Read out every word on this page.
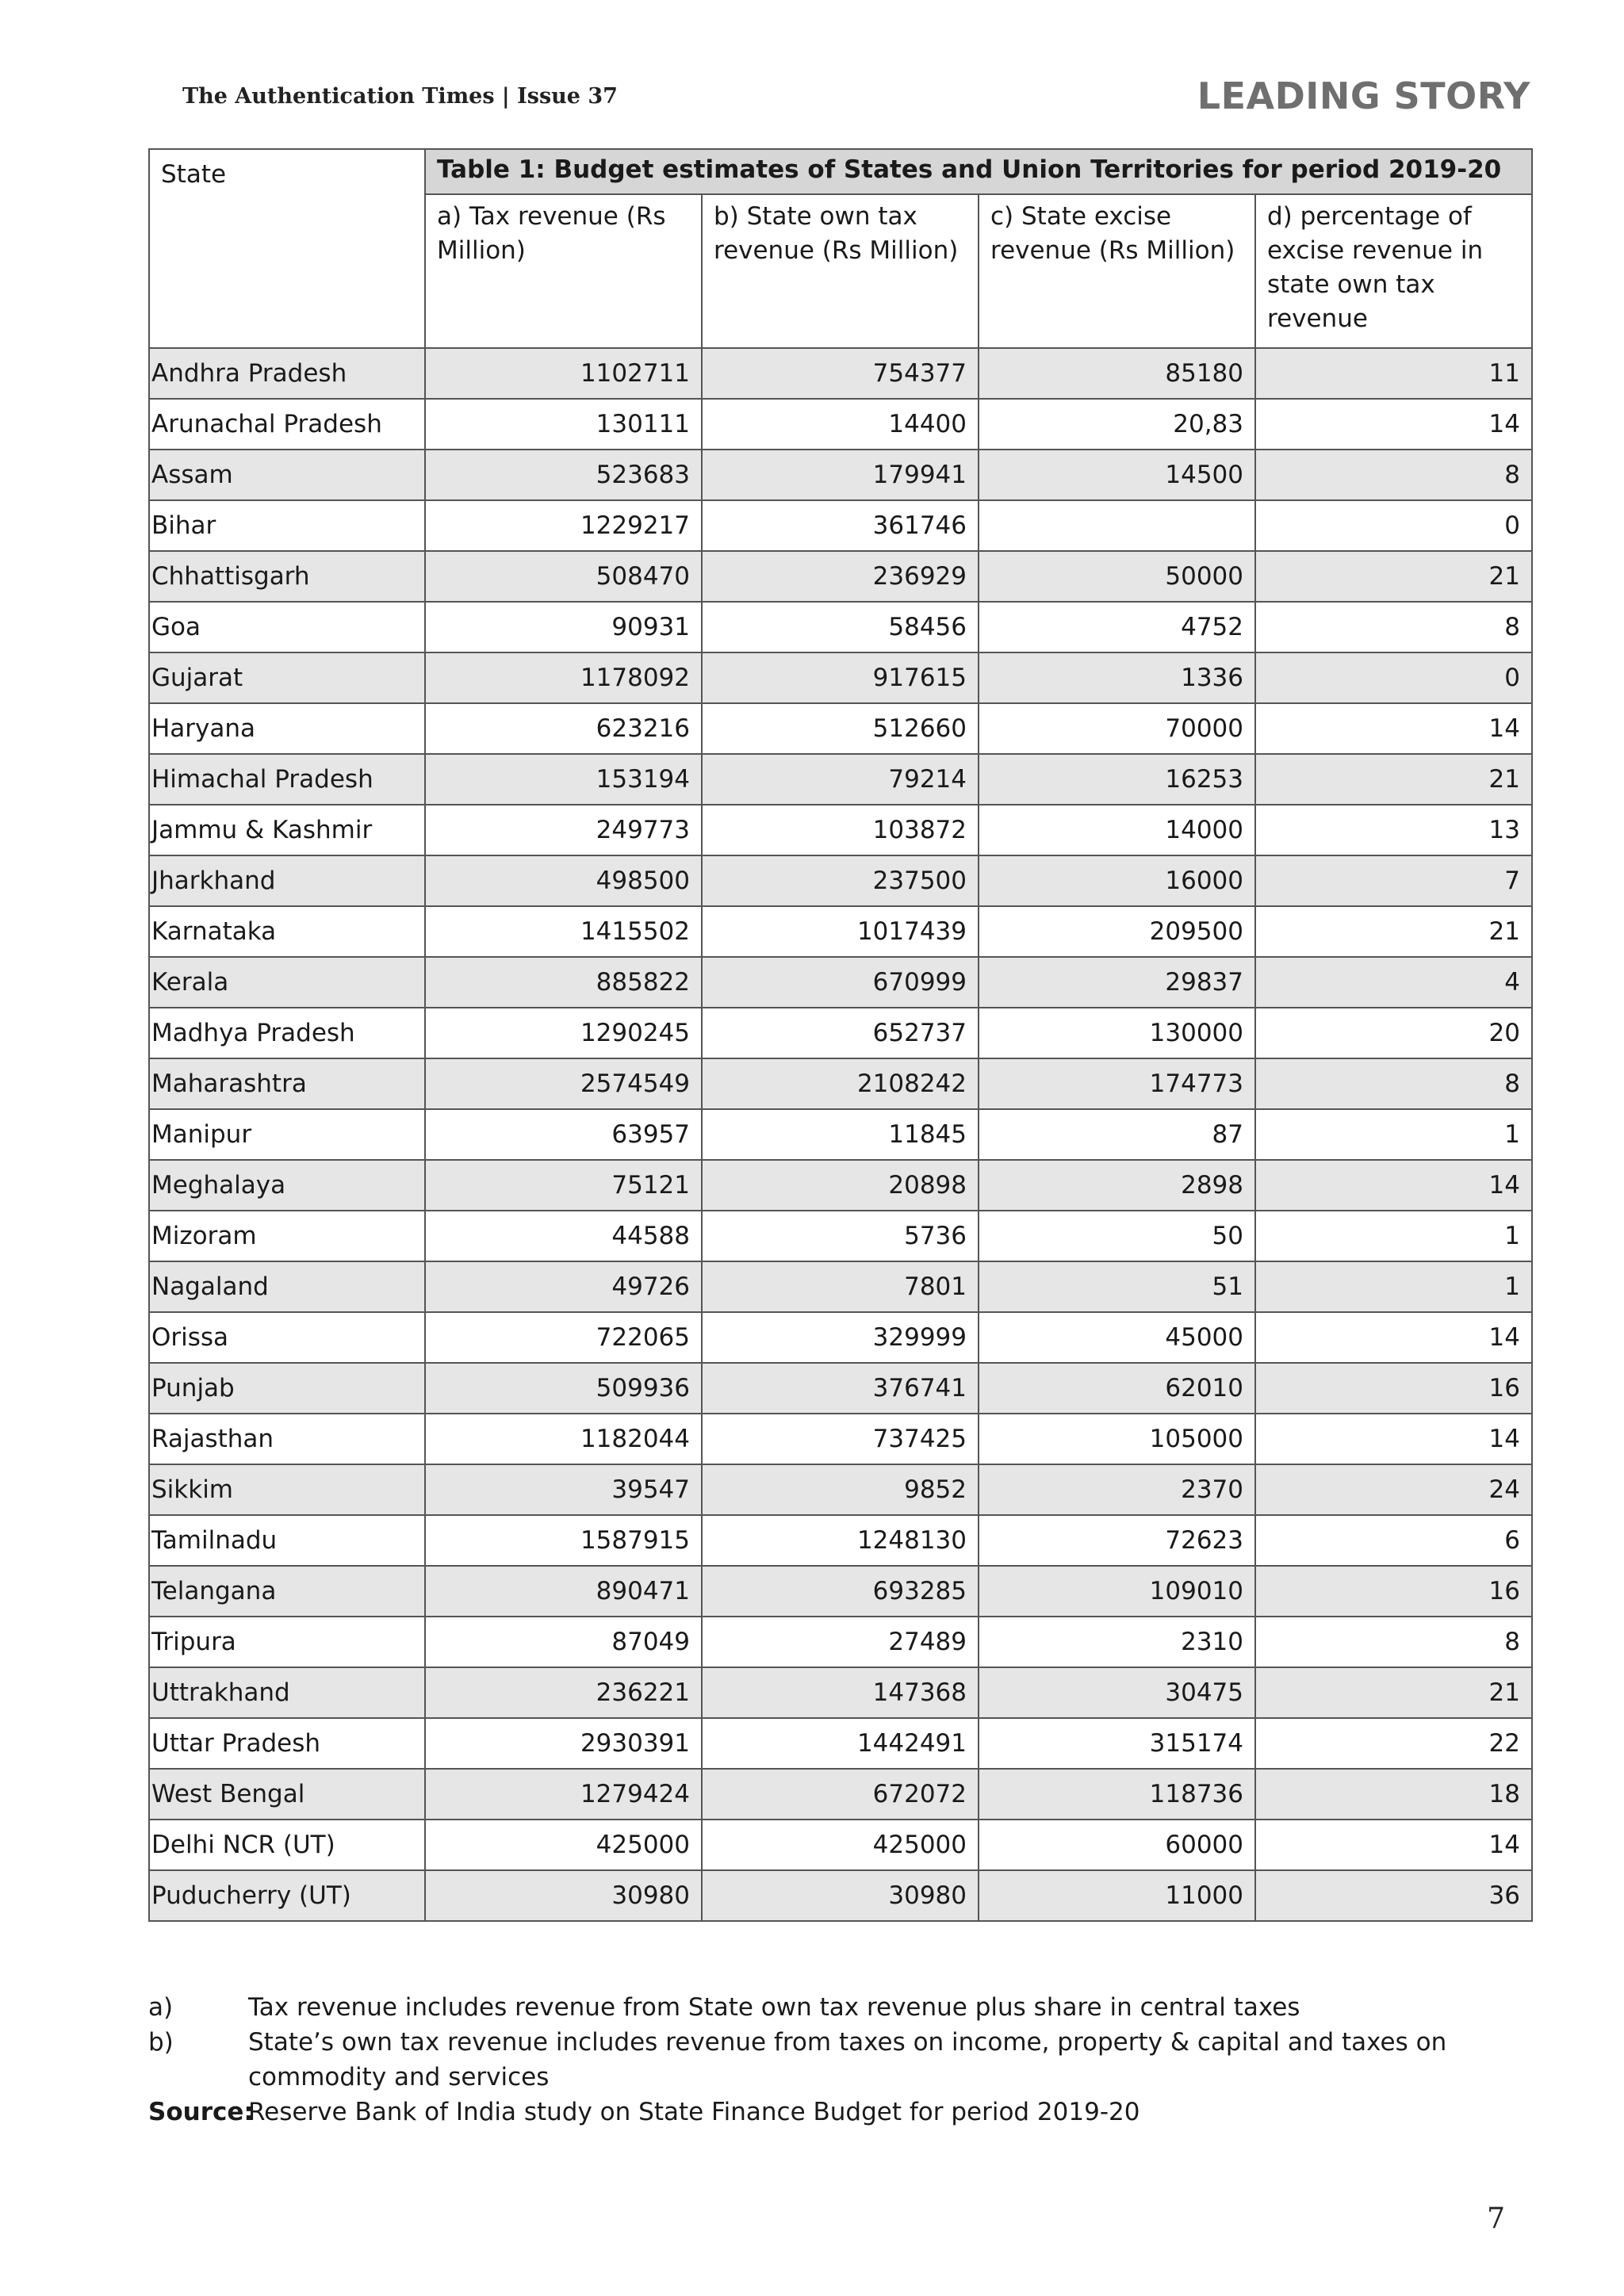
The Authentication Times | Issue 37	LEADING STORY
State	Table 1: Budget estimates of States and Union Territories for period 2019-20			
	a) Tax revenue (Rs Million)	b) State own tax revenue (Rs Million)	c) State excise revenue (Rs Million)	d) percentage of excise revenue in state own tax revenue
Andhra Pradesh	1102711	754377	85180	11
Arunachal Pradesh	130111	14400	20,83	14
Assam	523683	179941	14500	8
Bihar	1229217	361746		0
Chhattisgarh	508470	236929	50000	21
Goa	90931	58456	4752	8
Gujarat	1178092	917615	1336	0
Haryana	623216	512660	70000	14
Himachal Pradesh	153194	79214	16253	21
Jammu & Kashmir	249773	103872	14000	13
Jharkhand	498500	237500	16000	7
Karnataka	1415502	1017439	209500	21
Kerala	885822	670999	29837	4
Madhya Pradesh	1290245	652737	130000	20
Maharashtra	2574549	2108242	174773	8
Manipur	63957	11845	87	1
Meghalaya	75121	20898	2898	14
Mizoram	44588	5736	50	1
Nagaland	49726	7801	51	1
Orissa	722065	329999	45000	14
Punjab	509936	376741	62010	16
Rajasthan	1182044	737425	105000	14
Sikkim	39547	9852	2370	24
Tamilnadu	1587915	1248130	72623	6
Telangana	890471	693285	109010	16
Tripura	87049	27489	2310	8
Uttrakhand	236221	147368	30475	21
Uttar Pradesh	2930391	1442491	315174	22
West Bengal	1279424	672072	118736	18
Delhi NCR (UT)	425000	425000	60000	14
Puducherry (UT)	30980	30980	11000	36
a)	Tax revenue includes revenue from State own tax revenue plus share in central taxes
b)	State’s own tax revenue includes revenue from taxes on income, property & capital and taxes on commodity and services
Source:
Reserve Bank of India study on State Finance Budget for period 2019-20
7
